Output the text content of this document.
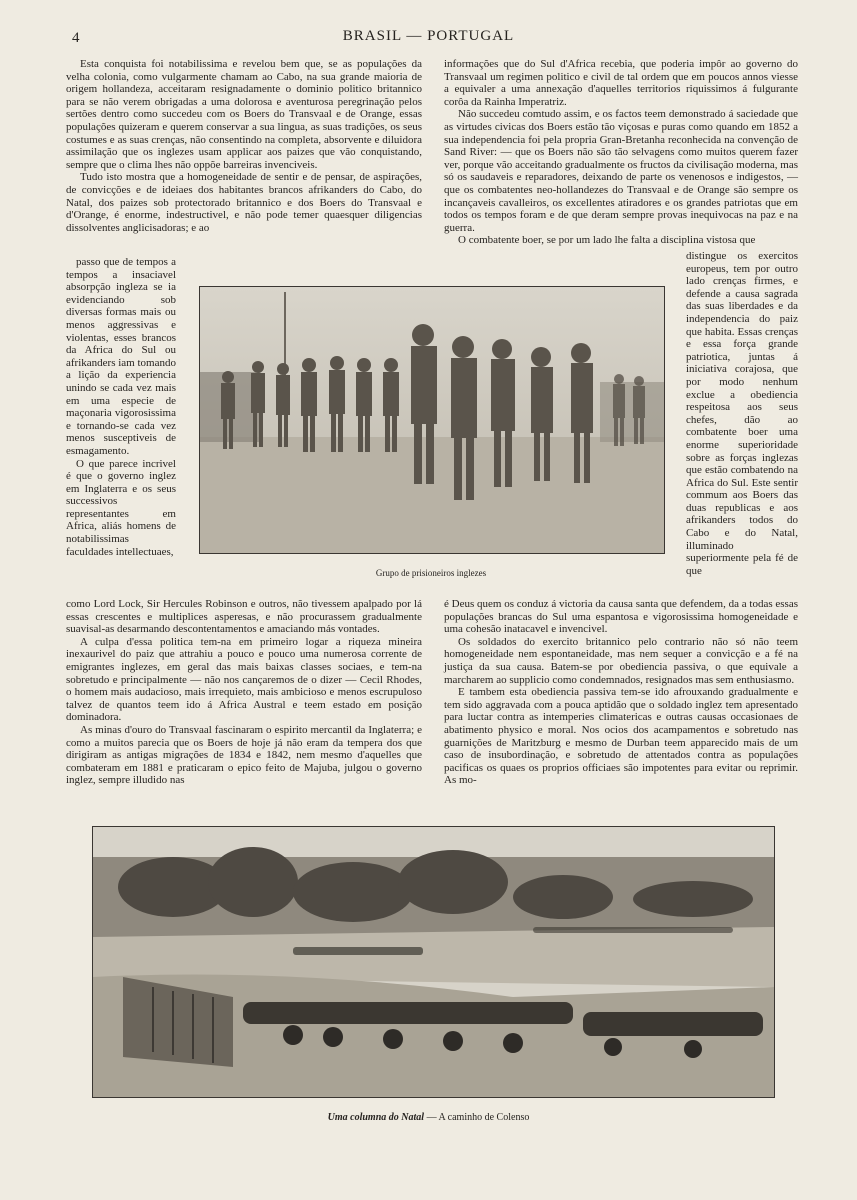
4	BRASIL — PORTUGAL

Esta conquista foi notabilissima e revelou bem que, se as populações da velha colonia, como vulgarmente chamam ao Cabo, na sua grande maioria de origem hollandeza, acceitaram resignadamente o dominio politico britannico para se não verem obrigadas a uma dolorosa e aventurosa peregrinação pelos sertões dentro como succedeu com os Boers do Transvaal e de Orange, essas populações quizeram e querem conservar a sua lingua, as suas tradições, os seus costumes e as suas crenças, não consentindo na completa, absorvente e diluidora assimilação que os inglezes usam applicar aos paizes que vão conquistando, sempre que o clima lhes não oppõe barreiras invenciveis.

Tudo isto mostra que a homogeneidade de sentir e de pensar, de aspirações, de convicções e de ideiaes dos habitantes brancos afrikanders do Cabo, do Natal, dos paizes sob protectorado britannico e dos Boers do Transvaal e d'Orange, é enorme, indestructivel, e não pode temer quaesquer diligencias dissolventes anglicisadoras; e ao

passo que de tempos a tempos a insaciavel absorpção ingleza se ia evidenciando sob diversas formas mais ou menos aggressivas e violentas, esses brancos da Africa do Sul ou afrikanders iam tomando a lição da experiencia unindo se cada vez mais em uma especie de maçonaria vigorosissima e tornando-se cada vez menos susceptiveis de esmagamento.

O que parece incrivel é que o governo inglez em Inglaterra e os seus successivos representantes em Africa, aliás homens de notabilissimas faculdades intellectuaes,

como Lord Lock, Sir Hercules Robinson e outros, não tivessem apalpado por lá essas crescentes e multiplices asperesas, e não procurassem gradualmente suavisal-as desarmando descontentamentos e amaciando más vontades.

A culpa d'essa politica tem-na em primeiro logar a riqueza mineira inexaurivel do paiz que attrahiu a pouco e pouco uma numerosa corrente de emigrantes inglezes, em geral das mais baixas classes sociaes, e tem-na sobretudo e principalmente — não nos cançaremos de o dizer — Cecil Rhodes, o homem mais audacioso, mais irrequieto, mais ambicioso e menos escrupuloso talvez de quantos teem ido á Africa Austral e teem estado em posição dominadora.

As minas d'ouro do Transvaal fascinaram o espirito mercantil da Inglaterra; e como a muitos parecia que os Boers de hoje já não eram da tempera dos que dirigiram as antigas migrações de 1834 e 1842, nem mesmo d'aquelles que combateram em 1881 e praticaram o epico feito de Majuba, julgou o governo inglez, sempre illudido nas

informações que do Sul d'Africa recebia, que poderia impôr ao governo do Transvaal um regimen politico e civil de tal ordem que em poucos annos viesse a equivaler a uma annexação d'aquelles territorios riquissimos á fulgurante corôa da Rainha Imperatriz.

Não succedeu comtudo assim, e os factos teem demonstrado á saciedade que as virtudes civicas dos Boers estão tão viçosas e puras como quando em 1852 a sua independencia foi pela propria Gran-Bretanha reconhecida na convenção de Sand River: — que os Boers não são tão selvagens como muitos querem fazer ver, porque vão acceitando gradualmente os fructos da civilisação moderna, mas só os saudaveis e reparadores, deixando de parte os venenosos e indigestos, — que os combatentes neo-hollandezes do Transvaal e de Orange são sempre os incançaveis cavalleiros, os excellentes atiradores e os grandes patriotas que em todos os tempos foram e de que deram sempre provas inequivocas na paz e na guerra.

O combatente boer, se por um lado lhe falta a disciplina vistosa que

distingue os exercitos europeus, tem por outro lado crenças firmes, e defende a causa sagrada das suas liberdades e da independencia do paiz que habita. Essas crenças e essa força grande patriotica, juntas á iniciativa corajosa, que por modo nenhum exclue a obediencia respeitosa aos seus chefes, dão ao combatente boer uma enorme superioridade sobre as forças inglezas que estão combatendo na Africa do Sul. Este sentir commum aos Boers das duas republicas e aos afrikanders todos do Cabo e do Natal, illuminado superiormente pela fé de que

é Deus quem os conduz á victoria da causa santa que defendem, da a todas essas populações brancas do Sul uma espantosa e vigorosissima homogeneidade e uma cohesão inatacavel e invencivel.

Os soldados do exercito britannico pelo contrario não só não teem homogeneidade nem espontaneidade, mas nem sequer a convicção e a fé na justiça da sua causa. Batem-se por obediencia passiva, o que equivale a marcharem ao supplicio como condemnados, resignados mas sem enthusiasmo.

E tambem esta obediencia passiva tem-se ido afrouxando gradualmente e tem sido aggravada com a pouca aptidão que o soldado inglez tem apresentado para luctar contra as intemperies climatericas e outras causas occasionaes de abatimento physico e moral. Nos ocios dos acampamentos e sobretudo nas guarnições de Maritzburg e mesmo de Durban teem apparecido mais de um caso de insubordinação, e sobretudo de attentados contra as populações pacificas os quaes os proprios officiaes são impotentes para evitar ou reprimir. As mo-

Grupo de prisioneiros inglezes
Uma columna do Natal — A caminho de Colenso
